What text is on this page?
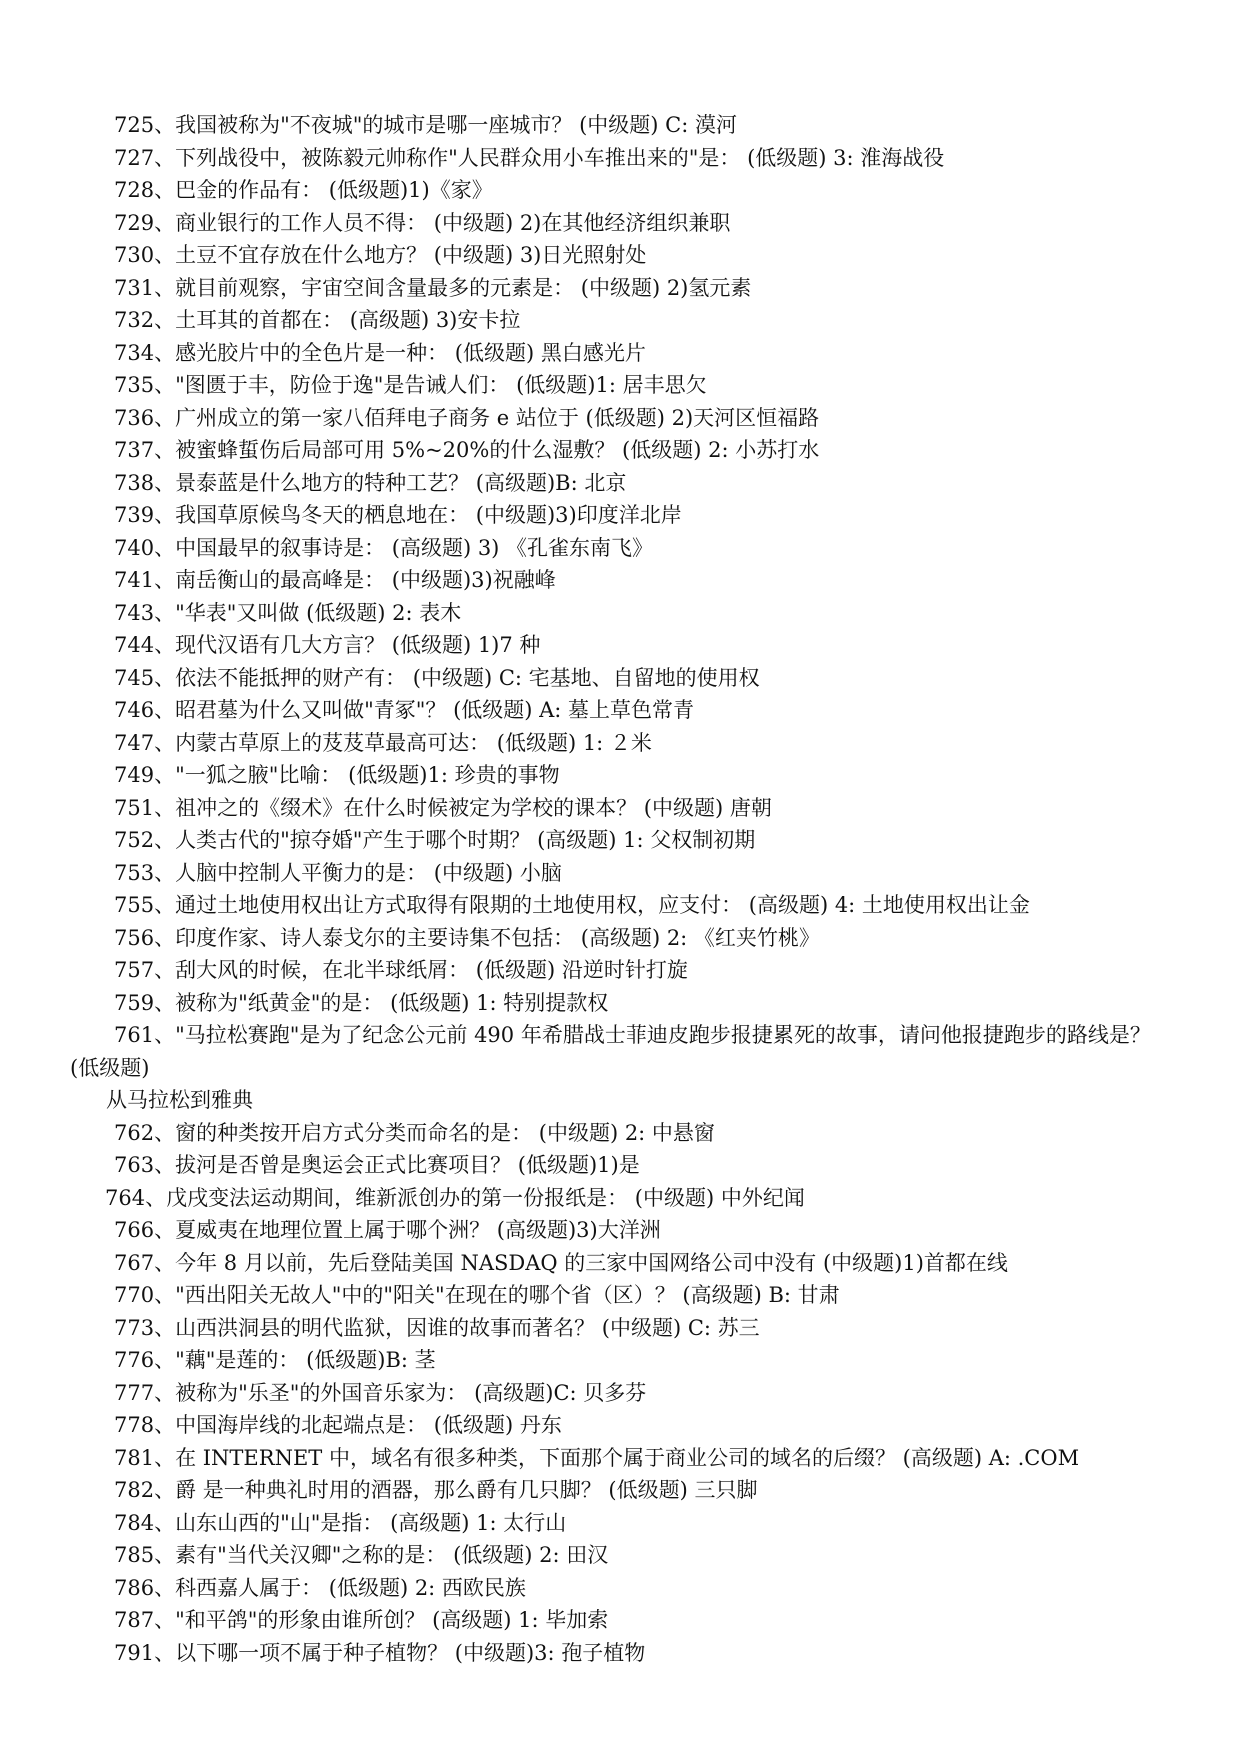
725、我国被称为"不夜城"的城市是哪一座城市？ (中级题) C: 漠河
727、下列战役中，被陈毅元帅称作"人民群众用小车推出来的"是： (低级题) 3: 淮海战役
728、巴金的作品有： (低级题)1)《家》
729、商业银行的工作人员不得： (中级题) 2)在其他经济组织兼职
730、土豆不宜存放在什么地方？ (中级题) 3)日光照射处
731、就目前观察，宇宙空间含量最多的元素是： (中级题) 2)氢元素
732、土耳其的首都在： (高级题) 3)安卡拉
734、感光胶片中的全色片是一种： (低级题) 黑白感光片
735、"图匮于丰，防俭于逸"是告诫人们： (低级题)1: 居丰思欠
736、广州成立的第一家八佰拜电子商务 e 站位于 (低级题) 2)天河区恒福路
737、被蜜蜂蜇伤后局部可用 5%~20%的什么湿敷？ (低级题) 2: 小苏打水
738、景泰蓝是什么地方的特种工艺？ (高级题)B: 北京
739、我国草原候鸟冬天的栖息地在： (中级题)3)印度洋北岸
740、中国最早的叙事诗是： (高级题) 3) 《孔雀东南飞》
741、南岳衡山的最高峰是： (中级题)3)祝融峰
743、"华表"又叫做 (低级题) 2: 表木
744、现代汉语有几大方言？ (低级题) 1)7 种
745、依法不能抵押的财产有： (中级题) C: 宅基地、自留地的使用权
746、昭君墓为什么又叫做"青冢"？ (低级题) A: 墓上草色常青
747、内蒙古草原上的芨芨草最高可达： (低级题) 1: ２米
749、"一狐之腋"比喻： (低级题)1: 珍贵的事物
751、祖冲之的《缀术》在什么时候被定为学校的课本？ (中级题) 唐朝
752、人类古代的"掠夺婚"产生于哪个时期？ (高级题) 1: 父权制初期
753、人脑中控制人平衡力的是： (中级题) 小脑
755、通过土地使用权出让方式取得有限期的土地使用权，应支付： (高级题) 4: 土地使用权出让金
756、印度作家、诗人泰戈尔的主要诗集不包括： (高级题) 2: 《红夹竹桃》
757、刮大风的时候，在北半球纸屑： (低级题) 沿逆时针打旋
759、被称为"纸黄金"的是： (低级题) 1: 特别提款权
761、"马拉松赛跑"是为了纪念公元前 490 年希腊战士菲迪皮跑步报捷累死的故事，请问他报捷跑步的路线是？ (低级题)
从马拉松到雅典
762、窗的种类按开启方式分类而命名的是： (中级题) 2: 中悬窗
763、拔河是否曾是奥运会正式比赛项目？ (低级题)1)是
764、戊戌变法运动期间，维新派创办的第一份报纸是： (中级题) 中外纪闻
766、夏威夷在地理位置上属于哪个洲？ (高级题)3)大洋洲
767、今年 8 月以前，先后登陆美国 NASDAQ 的三家中国网络公司中没有 (中级题)1)首都在线
770、"西出阳关无故人"中的"阳关"在现在的哪个省（区）？ (高级题) B: 甘肃
773、山西洪洞县的明代监狱，因谁的故事而著名？ (中级题) C: 苏三
776、"藕"是莲的： (低级题)B: 茎
777、被称为"乐圣"的外国音乐家为： (高级题)C: 贝多芬
778、中国海岸线的北起端点是： (低级题) 丹东
781、在 INTERNET 中，域名有很多种类，下面那个属于商业公司的域名的后缀？ (高级题) A: .COM
782、爵 是一种典礼时用的酒器，那么爵有几只脚？ (低级题) 三只脚
784、山东山西的"山"是指： (高级题) 1: 太行山
785、素有"当代关汉卿"之称的是： (低级题) 2: 田汉
786、科西嘉人属于： (低级题) 2: 西欧民族
787、"和平鸽"的形象由谁所创？ (高级题) 1: 毕加索
791、以下哪一项不属于种子植物？ (中级题)3: 孢子植物
